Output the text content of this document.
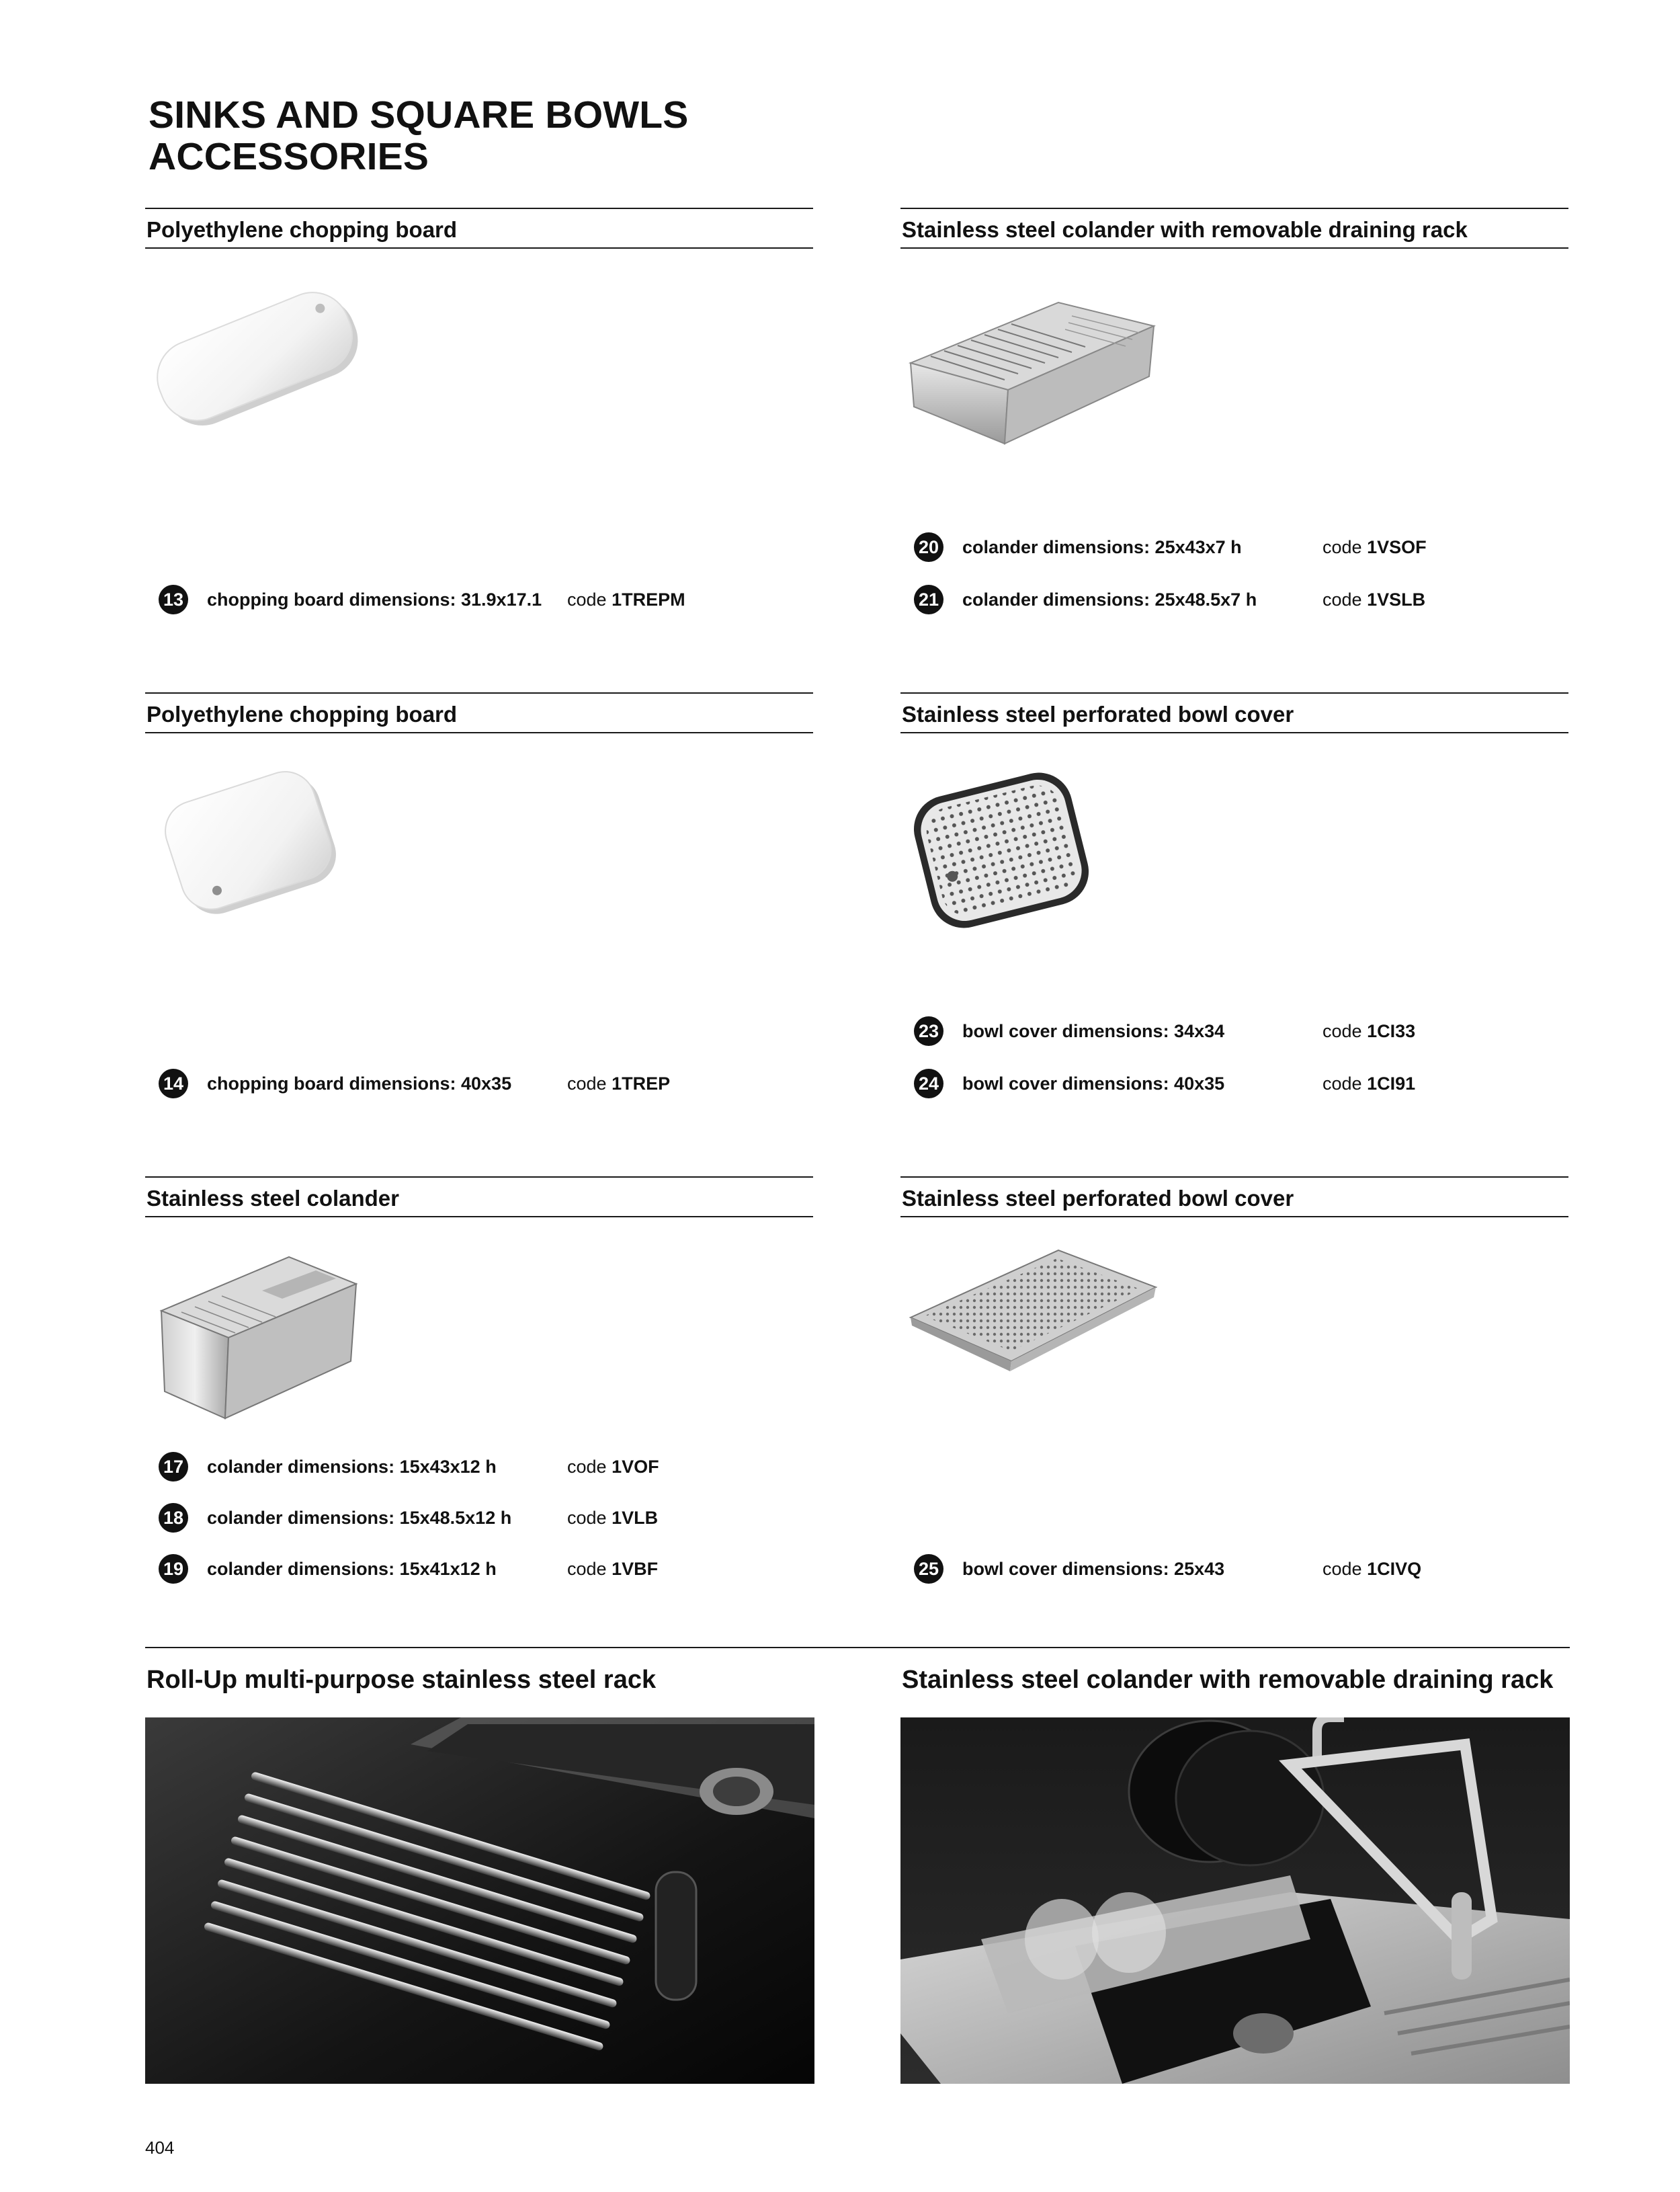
SINKS AND SQUARE BOWLS
ACCESSORIES
Polyethylene chopping board
13 chopping board dimensions: 31.9x17.1 code 1TREPM
Stainless steel colander with removable draining rack
20 colander dimensions: 25x43x7 h	code 1VSOF
21 colander dimensions: 25x48.5x7 h	code 1VSLB
Polyethylene chopping board
14 chopping board dimensions: 40x35	code 1TREP
Stainless steel perforated bowl cover
23 bowl cover dimensions: 34x34	code 1CI33
24 bowl cover dimensions: 40x35	code 1CI91
Stainless steel colander
17 colander dimensions: 15x43x12 h	code 1VOF
18 colander dimensions: 15x48.5x12 h	code 1VLB
19 colander dimensions: 15x41x12 h	code 1VBF
Stainless steel perforated bowl cover
25 bowl cover dimensions: 25x43	code 1CIVQ
Roll-Up multi-purpose stainless steel rack	Stainless steel colander with removable draining rack
404
